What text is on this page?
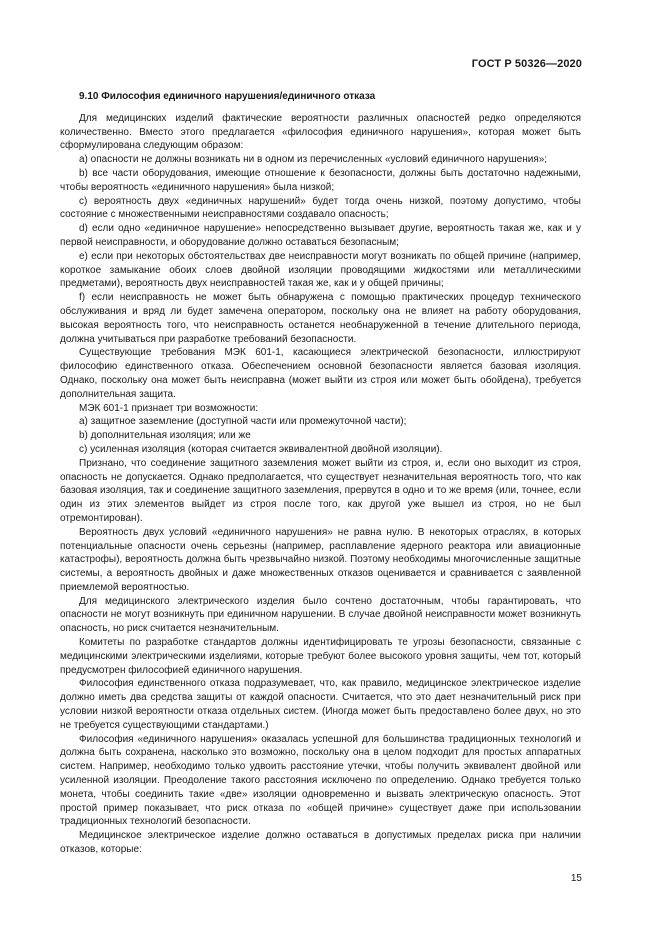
ГОСТ Р 50326—2020

9.10 Философия единичного нарушения/единичного отказа

Для медицинских изделий фактические вероятности различных опасностей редко определяются количественно. Вместо этого предлагается «философия единичного нарушения», которая может быть сформулирована следующим образом:

a) опасности не должны возникать ни в одном из перечисленных «условий единичного нарушения»;

b) все части оборудования, имеющие отношение к безопасности, должны быть достаточно надежными, чтобы вероятность «единичного нарушения» была низкой;

c) вероятность двух «единичных нарушений» будет тогда очень низкой, поэтому допустимо, чтобы состояние с множественными неисправностями создавало опасность;

d) если одно «единичное нарушение» непосредственно вызывает другие, вероятность такая же, как и у первой неисправности, и оборудование должно оставаться безопасным;

e) если при некоторых обстоятельствах две неисправности могут возникать по общей причине (например, короткое замыкание обоих слоев двойной изоляции проводящими жидкостями или металлическими предметами), вероятность двух неисправностей такая же, как и у общей причины;

f) если неисправность не может быть обнаружена с помощью практических процедур технического обслуживания и вряд ли будет замечена оператором, поскольку она не влияет на работу оборудования, высокая вероятность того, что неисправность останется необнаруженной в течение длительного периода, должна учитываться при разработке требований безопасности.

Существующие требования МЭК 601-1, касающиеся электрической безопасности, иллюстрируют философию единственного отказа. Обеспечением основной безопасности является базовая изоляция. Однако, поскольку она может быть неисправна (может выйти из строя или может быть обойдена), требуется дополнительная защита.

МЭК 601-1 признает три возможности:

a) защитное заземление (доступной части или промежуточной части);

b) дополнительная изоляция; или же

c) усиленная изоляция (которая считается эквивалентной двойной изоляции).

Признано, что соединение защитного заземления может выйти из строя, и, если оно выходит из строя, опасность не допускается. Однако предполагается, что существует незначительная вероятность того, что как базовая изоляция, так и соединение защитного заземления, прервутся в одно и то же время (или, точнее, если один из этих элементов выйдет из строя после того, как другой уже вышел из строя, но не был отремонтирован).

Вероятность двух условий «единичного нарушения» не равна нулю. В некоторых отраслях, в которых потенциальные опасности очень серьезны (например, расплавление ядерного реактора или авиационные катастрофы), вероятность должна быть чрезвычайно низкой. Поэтому необходимы многочисленные защитные системы, а вероятность двойных и даже множественных отказов оценивается и сравнивается с заявленной приемлемой вероятностью.

Для медицинского электрического изделия было сочтено достаточным, чтобы гарантировать, что опасности не могут возникнуть при единичном нарушении. В случае двойной неисправности может возникнуть опасность, но риск считается незначительным.

Комитеты по разработке стандартов должны идентифицировать те угрозы безопасности, связанные с медицинскими электрическими изделиями, которые требуют более высокого уровня защиты, чем тот, который предусмотрен философией единичного нарушения.

Философия единственного отказа подразумевает, что, как правило, медицинское электрическое изделие должно иметь два средства защиты от каждой опасности. Считается, что это дает незначительный риск при условии низкой вероятности отказа отдельных систем. (Иногда может быть предоставлено более двух, но это не требуется существующими стандартами.)

Философия «единичного нарушения» оказалась успешной для большинства традиционных технологий и должна быть сохранена, насколько это возможно, поскольку она в целом подходит для простых аппаратных систем. Например, необходимо только удвоить расстояние утечки, чтобы получить эквивалент двойной или усиленной изоляции. Преодоление такого расстояния исключено по определению. Однако требуется только монета, чтобы соединить такие «две» изоляции одновременно и вызвать электрическую опасность. Этот простой пример показывает, что риск отказа по «общей причине» существует даже при использовании традиционных технологий безопасности.

Медицинское электрическое изделие должно оставаться в допустимых пределах риска при наличии отказов, которые:

15
